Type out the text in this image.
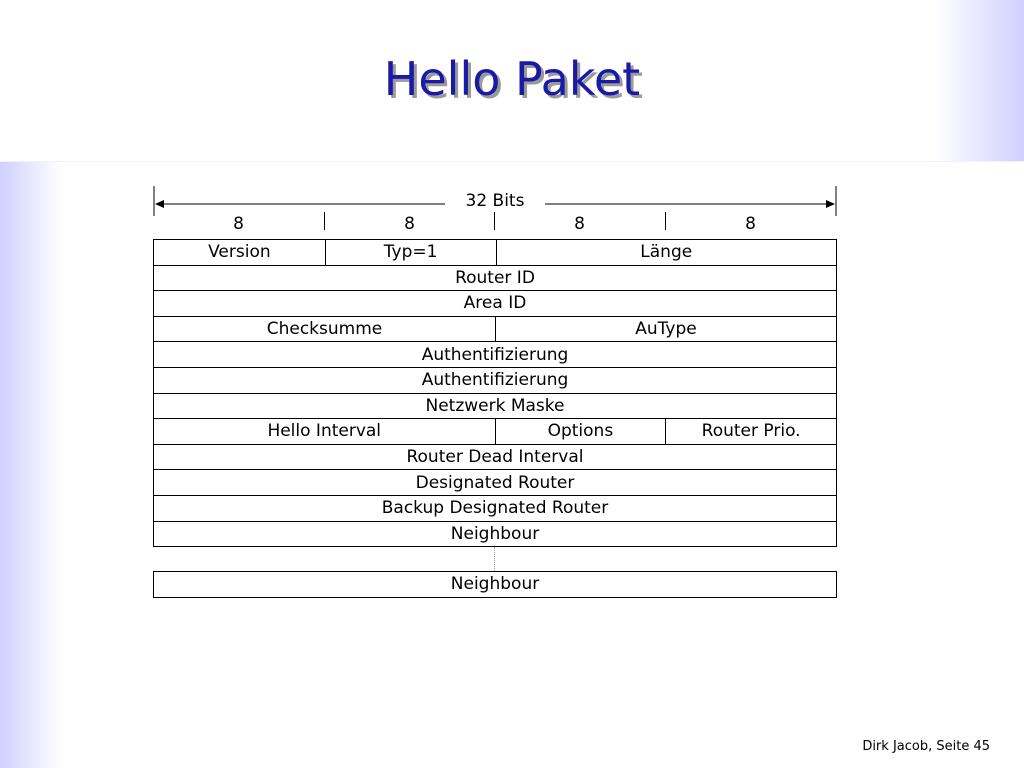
Hello Paket
32 Bits
8	8	8	8
Version	Typ=1	Länge
Router ID
Area ID
Checksumme	AuType
Authentifizierung
Authentifizierung
Netzwerk Maske
Hello Interval	Options	Router Prio.
Router Dead Interval
Designated Router
Backup Designated Router
Neighbour
Neighbour
Dirk Jacob, Seite 45
